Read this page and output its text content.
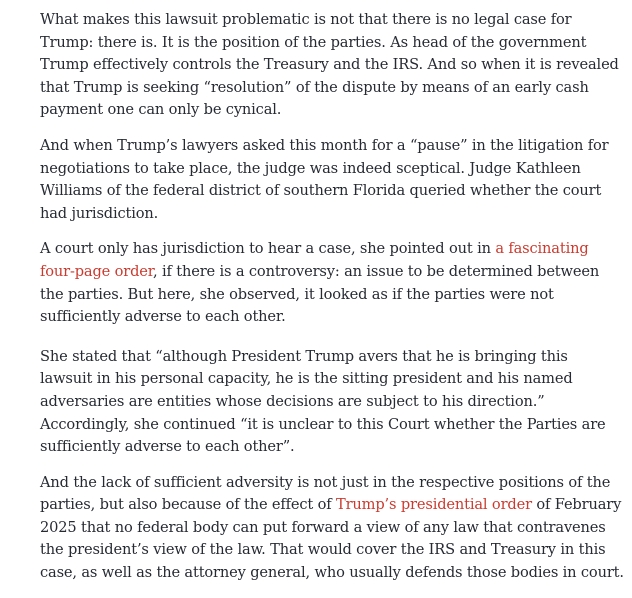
What makes this lawsuit problematic is not that there is no legal case for Trump: there is. It is the position of the parties. As head of the government Trump effectively controls the Treasury and the IRS. And so when it is revealed that Trump is seeking “resolution” of the dispute by means of an early cash payment one can only be cynical.

And when Trump’s lawyers asked this month for a “pause” in the litigation for negotiations to take place, the judge was indeed sceptical. Judge Kathleen Williams of the federal district of southern Florida queried whether the court had jurisdiction.

A court only has jurisdiction to hear a case, she pointed out in a fascinating four-page order, if there is a controversy: an issue to be determined between the parties. But here, she observed, it looked as if the parties were not sufficiently adverse to each other.

She stated that “although President Trump avers that he is bringing this lawsuit in his personal capacity, he is the sitting president and his named adversaries are entities whose decisions are subject to his direction.” Accordingly, she continued “it is unclear to this Court whether the Parties are sufficiently adverse to each other”.

And the lack of sufficient adversity is not just in the respective positions of the parties, but also because of the effect of Trump’s presidential order of February 2025 that no federal body can put forward a view of any law that contravenes the president’s view of the law. That would cover the IRS and Treasury in this case, as well as the attorney general, who usually defends those bodies in court.
